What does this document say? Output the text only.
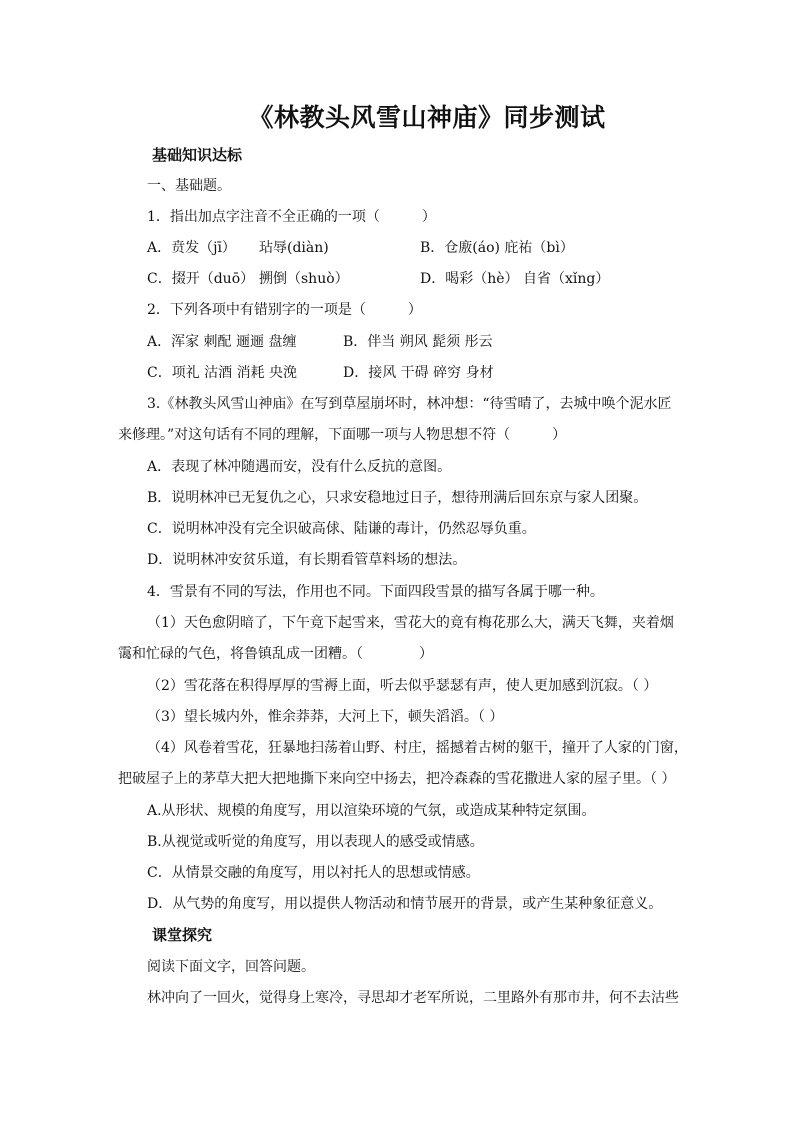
《林教头风雪山神庙》同步测试
基础知识达标
一、基础题。
1．指出加点字注音不全正确的一项（　　　）
A．贲发（jī） 玷辱(diàn)	B．仓廒(áo) 庇祐（bì）
C．掇开（duō） 搠倒（shuò）	D．喝彩（hè） 自省（xǐng）
2．下列各项中有错别字的一项是（　　　）
A．浑家 刺配 逦逦 盘缠	B．伴当 朔风 髭须 彤云
C．项礼 沽酒 消耗 央浼	D．接风 干碍 碎穷 身材
3.《林教头风雪山神庙》在写到草屋崩坏时，林冲想：“待雪晴了，去城中唤个泥水匠
来修理。”对这句话有不同的理解，下面哪一项与人物思想不符（　　　）
A．表现了林冲随遇而安，没有什么反抗的意图。
B．说明林冲已无复仇之心，只求安稳地过日子，想待刑满后回东京与家人团聚。
C．说明林冲没有完全识破高俅、陆谦的毒计，仍然忍辱负重。
D．说明林冲安贫乐道，有长期看管草料场的想法。
4．雪景有不同的写法，作用也不同。下面四段雪景的描写各属于哪一种。
（1）天色愈阴暗了，下午竟下起雪来，雪花大的竟有梅花那么大，满天飞舞，夹着烟
霭和忙碌的气色，将鲁镇乱成一团糟。（　　　　）
（2）雪花落在积得厚厚的雪褥上面，听去似乎瑟瑟有声，使人更加感到沉寂。（ ）
（3）望长城内外，惟余莽莽，大河上下，顿失滔滔。（ ）
（4）风卷着雪花，狂暴地扫荡着山野、村庄，摇撼着古树的躯干，撞开了人家的门窗，
把破屋子上的茅草大把大把地撕下来向空中扬去，把冷森森的雪花撒进人家的屋子里。（ ）
A.从形状、规模的角度写，用以渲染环境的气氛，或造成某种特定氛围。
B.从视觉或听觉的角度写，用以表现人的感受或情感。
C．从情景交融的角度写，用以衬托人的思想或情感。
D．从气势的角度写，用以提供人物活动和情节展开的背景，或产生某种象征意义。
课堂探究
阅读下面文字，回答问题。
林冲向了一回火，觉得身上寒冷，寻思却才老军所说，二里路外有那市井，何不去沽些
